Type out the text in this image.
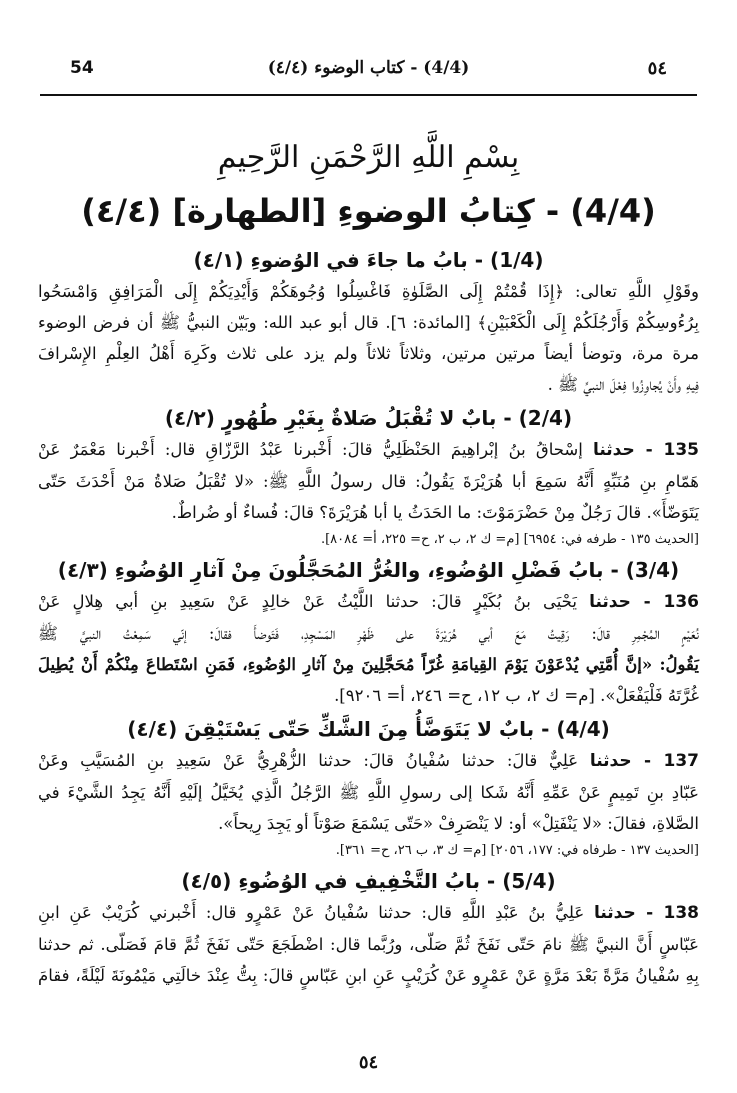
54	(4/4) - كتاب الوضوء (٤/٤)	٥٤
بِسْمِ اللَّهِ الرَّحْمَنِ الرَّحِيمِ
(4/4) - كِتابُ الوضوءِ [الطهارة] (٤/٤)
(1/4) - بابُ ما جاءَ في الوُضوءِ (٤/١)

وقَوْلِ اللَّهِ تعالى: ﴿إِذَا قُمْتُمْ إِلَى الصَّلَوٰةِ فَاغْسِلُوا وُجُوهَكُمْ وَأَيْدِيَكُمْ إِلَى الْمَرَافِقِ وَامْسَحُوا

بِرُءُوسِكُمْ وَأَرْجُلَكُمْ إِلَى الْكَعْبَيْنِ﴾ [المائدة: ٦]. قال أبو عبد الله: وبَيّن النبيُّ ﷺ أن فرض الوضوء

مرة مرة، وتوضأ أيضاً مرتين مرتين، وثلاثاً ثلاثاً ولم يزد على ثلاث وكَرِهَ أَهْلُ العِلْمِ الإِسْرافَ

فِيهِ وأَنْ يُجاوِزُوا فِعْلَ النبيِّ ﷺ .

(2/4) - بابٌ لا تُقْبَلُ صَلاةٌ بِغَيْرِ طُهُورٍ (٤/٢)

135 - حدثنا إسْحاقُ بنُ إبْراهِيمَ الحَنْظَلِيُّ قالَ: أَخْبرنا عَبْدُ الرَّزّاقِ قال: أَخْبرنا مَعْمَرٌ عَنْ

هَمّامِ بنِ مُنَبِّهٍ أَنَّهُ سَمِعَ أبا هُرَيْرَةَ يَقُولُ: قال رسولُ اللَّهِ ﷺ: «لا تُقْبَلُ صَلاةُ مَنْ أَحْدَثَ حَتّى

يَتَوَضّأَ». قالَ رَجُلٌ مِنْ حَضْرَمَوْتَ: ما الحَدَثُ يا أبا هُرَيْرَةَ؟ قالَ: فُساءٌ أو ضُراطٌ.

[الحديث ١٣٥ - طرفه في: ٦٩٥٤] [م= ك ٢، ب ٢، ح= ٢٢٥، أ= ٨٠٨٤].

(3/4) - بابُ فَضْلِ الوُضُوءِ، والغُرُّ المُحَجَّلُونَ مِنْ آثارِ الوُضُوءِ (٤/٣)

136 - حدثنا يَحْيَى بنُ بُكَيْرٍ قالَ: حدثنا اللَّيْثُ عَنْ خالِدٍ عَنْ سَعِيدِ بنِ أبي هِلالٍ عَنْ

نُعَيْمٍ المُجْمِرِ قالَ: رَقِيتُ مَعَ أبي هُرَيْرَةَ على ظَهْرِ المَسْجِدِ، فَتَوضأَ فقالَ: إنّي سَمِعْتُ النبيَّ ﷺ

يَقُولُ: «إنَّ أُمَّتِي يُدْعَوْنَ يَوْمَ القِيامَةِ غُرّاً مُحَجَّلِينَ مِنْ آثارِ الوُضُوءِ، فَمَنِ اسْتَطاعَ مِنْكُمْ أَنْ يُطِيلَ

غُرَّتَهُ فَلْيَفْعَلْ». [م= ك ٢، ب ١٢، ح= ٢٤٦، أ= ٩٢٠٦].

(4/4) - بابٌ لا يَتَوَضَّأُ مِنَ الشَّكِّ حَتّى يَسْتَيْقِنَ (٤/٤)

137 - حدثنا عَلِيٌّ قالَ: حدثنا سُفْيانُ قالَ: حدثنا الزُّهْرِيُّ عَنْ سَعِيدِ بنِ المُسَيَّبِ وعَنْ

عَبّادِ بنِ تَمِيمٍ عَنْ عَمِّهِ أَنَّهُ شَكا إلى رسولِ اللَّهِ ﷺ الرَّجُلُ الَّذِي يُخَيَّلُ إلَيْهِ أَنَّهُ يَجِدُ الشَّيْءَ في

الصَّلاةِ، فقالَ: «لا يَنْفَتِلْ» أو: لا يَنْصَرِفْ «حَتّى يَسْمَعَ صَوْتاً أو يَجِدَ رِيحاً».

[الحديث ١٣٧ - طرفاه في: ١٧٧، ٢٠٥٦] [م= ك ٣، ب ٢٦، ح= ٣٦١].

(5/4) - بابُ التَّخْفِيفِ في الوُضُوءِ (٤/٥)

138 - حدثنا عَلِيُّ بنُ عَبْدِ اللَّهِ قال: حدثنا سُفْيانُ عَنْ عَمْرٍو قال: أَخْبرني كُرَيْبٌ عَنِ ابنِ

عَبّاسٍ أَنَّ النبيَّ ﷺ نامَ حَتّى نَفَخَ ثُمَّ صَلّى، ورُبَّما قال: اضْطَجَعَ حَتّى نَفَخَ ثُمَّ قامَ فَصَلّى. ثم حدثنا

بِهِ سُفْيانُ مَرَّةً بَعْدَ مَرَّةٍ عَنْ عَمْرٍو عَنْ كُرَيْبٍ عَنِ ابنِ عَبّاسٍ قالَ: بِتُّ عِنْدَ خالَتِي مَيْمُونَةَ لَيْلَةً، فقامَ

٥٤
